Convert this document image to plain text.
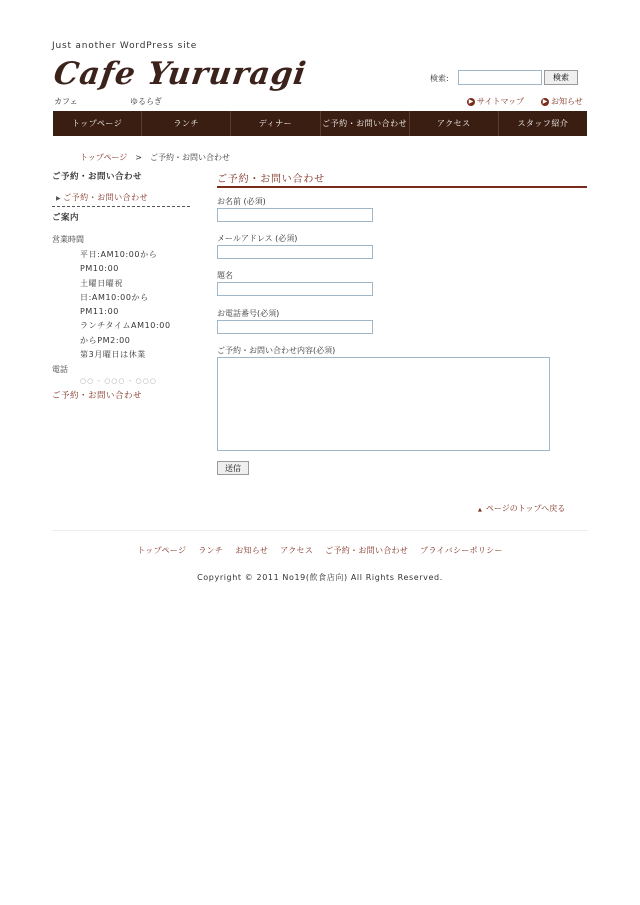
Just another WordPress site
Cafe Yururagi
カフェ	ゆるらぎ
検索:	検索
▶ サイトマップ	▶ お知らせ
トップページ	ランチ	ディナー	ご予約・お問い合わせ	アクセス	スタッフ紹介
トップページ > ご予約・お問い合わせ
ご予約・お問い合わせ
▶ ご予約・お問い合わせ
ご案内
営業時間
平日:AM10:00から
PM10:00
土曜日曜祝
日:AM10:00から
PM11:00
ランチタイムAM10:00
からPM2:00
第3月曜日は休業
電話
○○ - ○○○ - ○○○
ご予約・お問い合わせ
ご予約・お問い合わせ
お名前 (必須)
メールアドレス (必須)
題名
お電話番号(必須)
ご予約・お問い合わせ内容(必須)
送信
▲ ページのトップへ戻る
トップページ ランチ お知らせ アクセス ご予約・お問い合わせ プライバシーポリシー
Copyright © 2011 No19(飲食店向) All Rights Reserved.
